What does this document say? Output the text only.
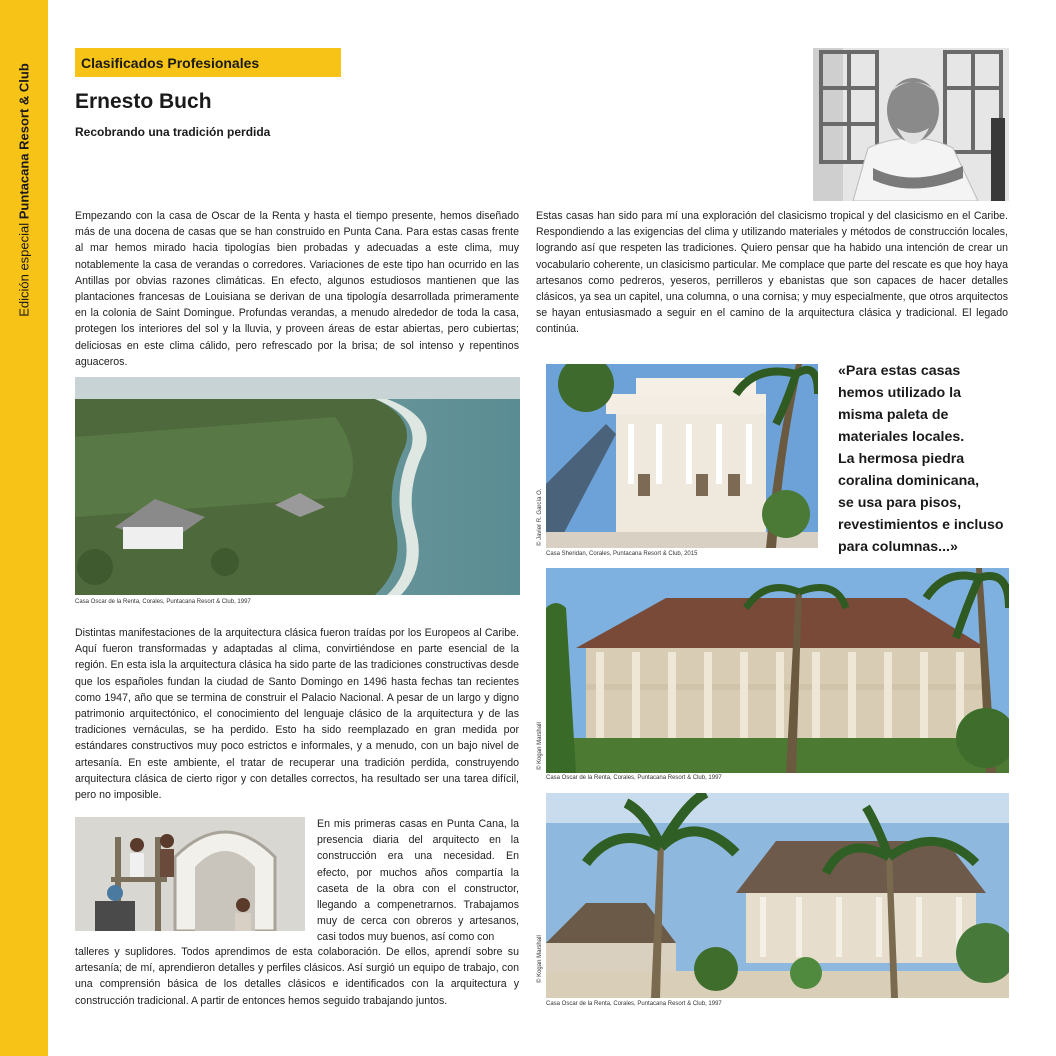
Edición especial Puntacana Resort & Club
Clasificados Profesionales
Ernesto Buch
Recobrando una tradición perdida

Empezando con la casa de Oscar de la Renta y hasta el tiempo presente, hemos diseñado más de una docena de casas que se han construido en Punta Cana. Para estas casas frente al mar hemos mirado hacia tipologías bien probadas y adecuadas a este clima, muy notablemente la casa de verandas o corredores. Variaciones de este tipo han ocurrido en las Antillas por obvias razones climáticas. En efecto, algunos estudiosos mantienen que las plantaciones francesas de Louisiana se derivan de una tipología desarrollada primeramente en la colonia de Saint Domingue. Profundas verandas, a menudo alrededor de toda la casa, protegen los interiores del sol y la lluvia, y proveen áreas de estar abiertas, pero cubiertas; deliciosas en este clima cálido, pero refrescado por la brisa; de sol intenso y repentinos aguaceros.

Estas casas han sido para mí una exploración del clasicismo tropical y del clasicismo en el Caribe. Respondiendo a las exigencias del clima y utilizando materiales y métodos de construcción locales, logrando así que respeten las tradiciones. Quiero pensar que ha habido una intención de crear un vocabulario coherente, un clasicismo particular. Me complace que parte del rescate es que hoy haya artesanos como pedreros, yeseros, perrilleros y ebanistas que son capaces de hacer detalles clásicos, ya sea un capitel, una columna, o una cornisa; y muy especialmente, que otros arquitectos se hayan entusiasmado a seguir en el camino de la arquitectura clásica y tradicional. El legado continúa.

Casa Oscar de la Renta, Corales, Puntacana Resort & Club, 1997
© Javier R. García O.
Casa Sheridan, Corales, Puntacana Resort & Club, 2015

«Para estas casas
hemos utilizado la
misma paleta de
materiales locales.
La hermosa piedra
coralina dominicana,
se usa para pisos,
revestimientos e incluso
para columnas...»

© Kogan Marshall
Casa Oscar de la Renta, Corales, Puntacana Resort & Club, 1997

Distintas manifestaciones de la arquitectura clásica fueron traídas por los Europeos al Caribe. Aquí fueron transformadas y adaptadas al clima, convirtiéndose en parte esencial de la región. En esta isla la arquitectura clásica ha sido parte de las tradiciones constructivas desde que los españoles fundan la ciudad de Santo Domingo en 1496 hasta fechas tan recientes como 1947, año que se termina de construir el Palacio Nacional. A pesar de un largo y digno patrimonio arquitectónico, el conocimiento del lenguaje clásico de la arquitectura y de las tradiciones vernáculas, se ha perdido. Esto ha sido reemplazado en gran medida por estándares constructivos muy poco estrictos e informales, y a menudo, con un bajo nivel de artesanía. En este ambiente, el tratar de recuperar una tradición perdida, construyendo arquitectura clásica de cierto rigor y con detalles correctos, ha resultado ser una tarea difícil, pero no imposible.

En mis primeras casas en Punta Cana, la presencia diaria del arquitecto en la construcción era una necesidad. En efecto, por muchos años compartía la caseta de la obra con el constructor, llegando a compenetrarnos. Trabajamos muy de cerca con obreros y artesanos, casi todos muy buenos, así como con

talleres y suplidores. Todos aprendimos de esta colaboración. De ellos, aprendí sobre su artesanía; de mí, aprendieron detalles y perfiles clásicos. Así surgió un equipo de trabajo, con una comprensión básica de los detalles clásicos e identificados con la arquitectura y construcción tradicional. A partir de entonces hemos seguido trabajando juntos.

© Kogan Marshall
Casa Oscar de la Renta, Corales, Puntacana Resort & Club, 1997
